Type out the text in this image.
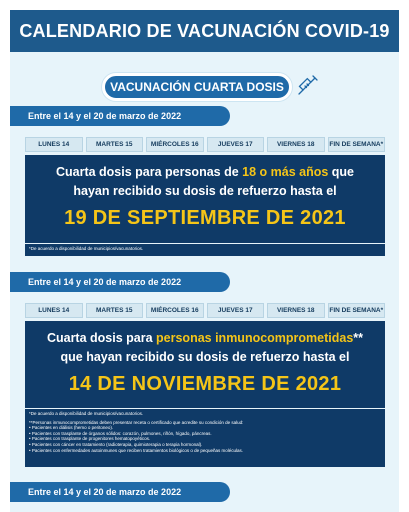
CALENDARIO DE VACUNACIÓN COVID-19
VACUNACIÓN CUARTA DOSIS
Entre el 14 y el 20 de marzo de 2022
LUNES 14	MARTES 15	MIÉRCOLES 16	JUEVES 17	VIERNES 18	FIN DE SEMANA*
Cuarta dosis para personas de 18 o más años que
hayan recibido su dosis de refuerzo hasta el
19 DE SEPTIEMBRE DE 2021
*De acuerdo a disponibilidad de municipios/vacunatorios.
Entre el 14 y el 20 de marzo de 2022
LUNES 14	MARTES 15	MIÉRCOLES 16	JUEVES 17	VIERNES 18	FIN DE SEMANA*
Cuarta dosis para personas inmunocomprometidas**
que hayan recibido su dosis de refuerzo hasta el
14 DE NOVIEMBRE DE 2021
*De acuerdo a disponibilidad de municipios/vacunatorios.
**Personas inmunocomprometidas deben presentar receta o certificado que acredite su condición de salud:
• Pacientes en diálisis (hemo o peritoneo).
• Pacientes con trasplante de órganos sólidos: corazón, pulmones, riñón, hígado, páncreas.
• Pacientes con trasplante de progenitores hematopoyéticos.
• Pacientes con cáncer en tratamiento (radioterapia, quimioterapia o terapia hormonal).
• Pacientes con enfermedades autoinmunes que reciben tratamientos biológicos o de pequeñas moléculas.
Entre el 14 y el 20 de marzo de 2022
